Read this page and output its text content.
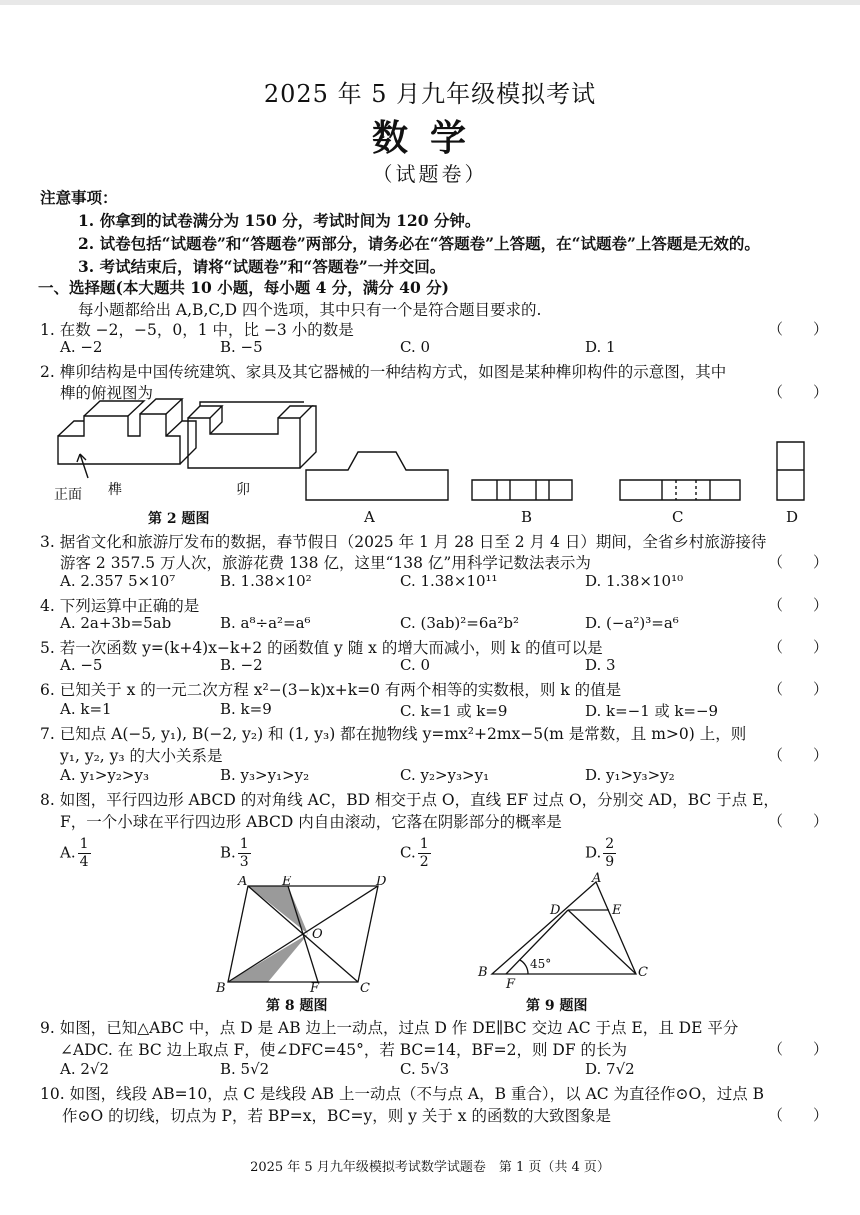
2025 年 5 月九年级模拟考试
数学
（试题卷）
注意事项：
1. 你拿到的试卷满分为 150 分，考试时间为 120 分钟。
2. 试卷包括“试题卷”和“答题卷”两部分，请务必在“答题卷”上答题，在“试题卷”上答题是无效的。
3. 考试结束后，请将“试题卷”和“答题卷”一并交回。
一、选择题(本大题共 10 小题，每小题 4 分，满分 40 分)
每小题都给出 A,B,C,D 四个选项，其中只有一个是符合题目要求的.
1. 在数 −2，−5，0，1 中，比 −3 小的数是	（　　）
A. −2	B. −5	C. 0	D. 1
2. 榫卯结构是中国传统建筑、家具及其它器械的一种结构方式，如图是某种榫卯构件的示意图，其中
榫的俯视图为	（　　）
正面 榫	卯
第 2 题图	A	B	C	D
3. 据省文化和旅游厅发布的数据，春节假日（2025 年 1 月 28 日至 2 月 4 日）期间，全省乡村旅游接待
游客 2 357.5 万人次，旅游花费 138 亿，这里“138 亿”用科学记数法表示为	（　　）
A. 2.357 5×10⁷	B. 1.38×10²	C. 1.38×10¹¹	D. 1.38×10¹⁰
4. 下列运算中正确的是	（　　）
A. 2a+3b=5ab	B. a⁸÷a²=a⁶	C. (3ab)²=6a²b²	D. (−a²)³=a⁶
5. 若一次函数 y=(k+4)x−k+2 的函数值 y 随 x 的增大而减小，则 k 的值可以是	（　　）
A. −5	B. −2	C. 0	D. 3
6. 已知关于 x 的一元二次方程 x²−(3−k)x+k=0 有两个相等的实数根，则 k 的值是	（　　）
A. k=1	B. k=9	C. k=1 或 k=9	D. k=−1 或 k=−9
7. 已知点 A(−5, y₁), B(−2, y₂) 和 (1, y₃) 都在抛物线 y=mx²+2mx−5(m 是常数，且 m>0) 上，则
y₁, y₂, y₃ 的大小关系是	（　　）
A. y₁>y₂>y₃	B. y₃>y₁>y₂	C. y₂>y₃>y₁	D. y₁>y₃>y₂
8. 如图，平行四边形 ABCD 的对角线 AC，BD 相交于点 O，直线 EF 过点 O，分别交 AD，BC 于点 E，
F，一个小球在平行四边形 ABCD 内自由滚动，它落在阴影部分的概率是	（　　）
A. $\frac{1}{4}$	B. $\frac{1}{3}$	C. $\frac{1}{2}$	D. $\frac{2}{9}$
A	E	D
O
B	F	C
第 8 题图
A
D	E
B
F
C
45°
第 9 题图
9. 如图，已知△ABC 中，点 D 是 AB 边上一动点，过点 D 作 DE∥BC 交边 AC 于点 E，且 DE 平分
∠ADC. 在 BC 边上取点 F，使∠DFC=45°，若 BC=14，BF=2，则 DF 的长为	（　　）
A. 2√2	B. 5√2	C. 5√3	D. 7√2
10. 如图，线段 AB=10，点 C 是线段 AB 上一动点（不与点 A，B 重合），以 AC 为直径作⊙O，过点 B
作⊙O 的切线，切点为 P，若 BP=x，BC=y，则 y 关于 x 的函数的大致图象是	（　　）
2025 年 5 月九年级模拟考试数学试题卷　第 1 页（共 4 页）
